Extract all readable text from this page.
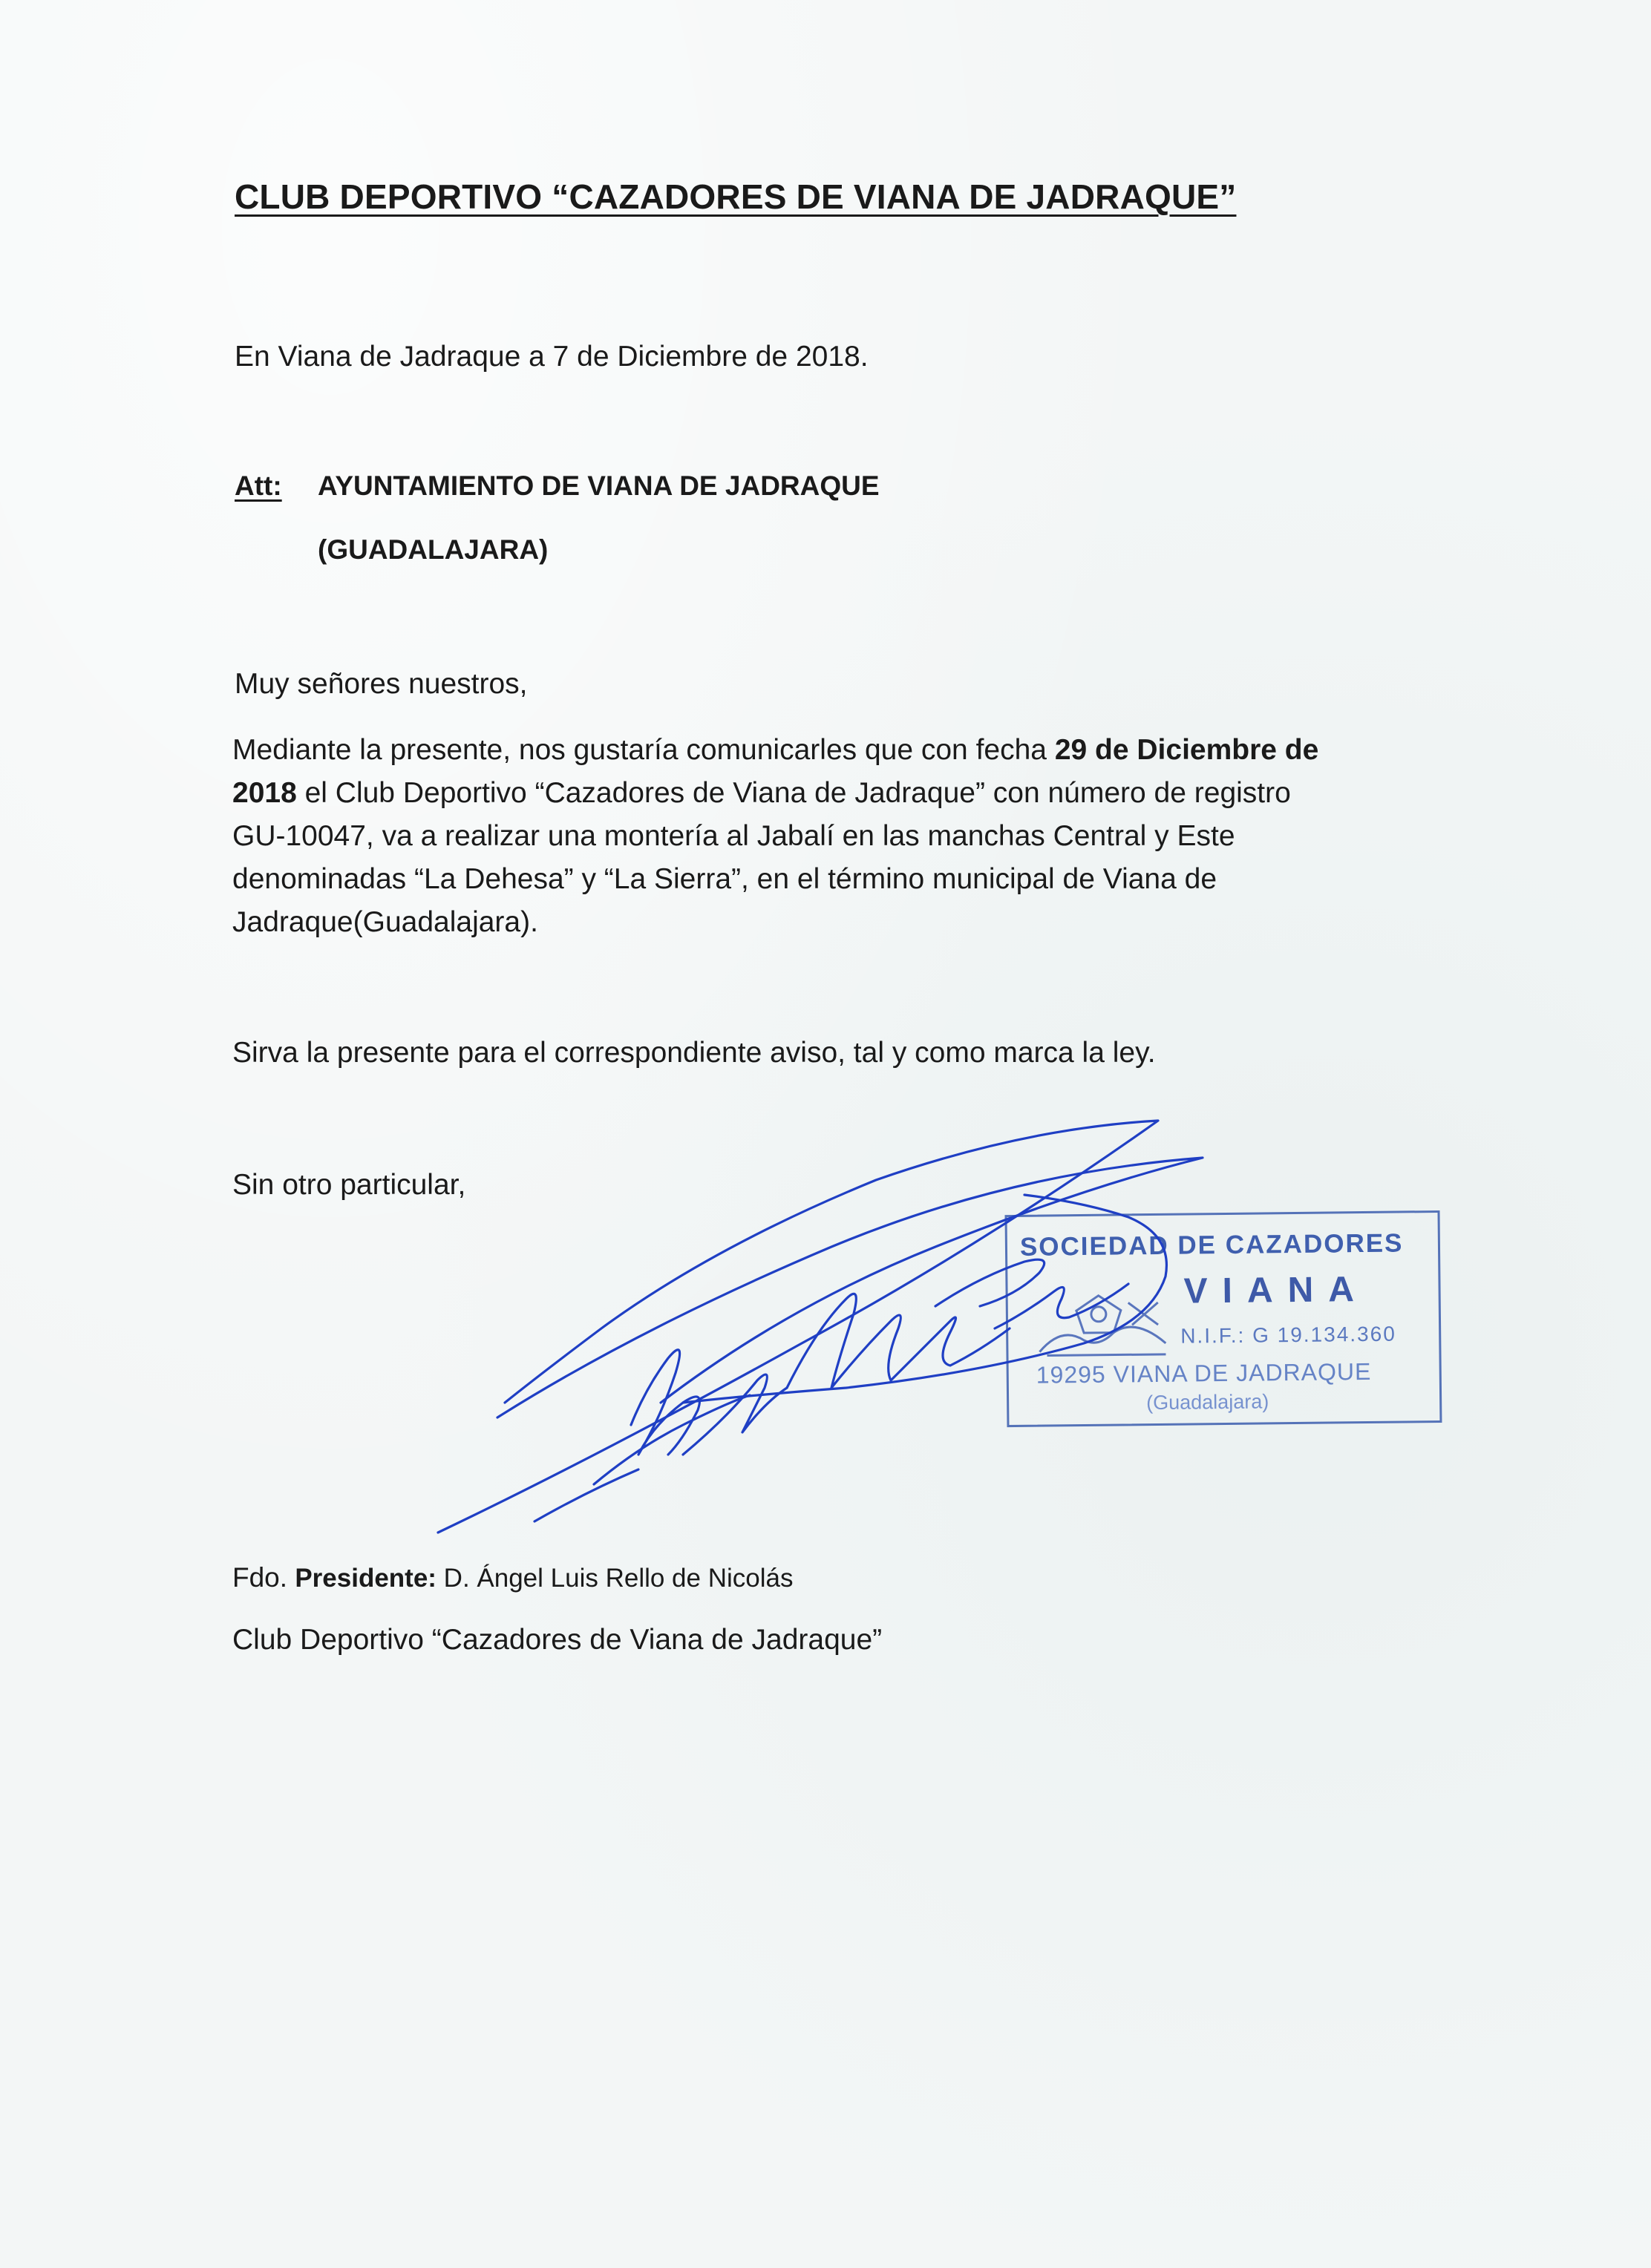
CLUB DEPORTIVO “CAZADORES DE VIANA DE JADRAQUE”
En Viana de Jadraque a 7 de Diciembre de 2018.
Att: AYUNTAMIENTO DE VIANA DE JADRAQUE
(GUADALAJARA)
Muy señores nuestros,
Mediante la presente, nos gustaría comunicarles que con fecha 29 de Diciembre de
2018 el Club Deportivo “Cazadores de Viana de Jadraque” con número de registro
GU-10047, va a realizar una montería al Jabalí en las manchas Central y Este
denominadas “La Dehesa” y “La Sierra”, en el término municipal de Viana de
Jadraque(Guadalajara).
Sirva la presente para el correspondiente aviso, tal y como marca la ley.
Sin otro particular,
SOCIEDAD DE CAZADORES
VIANA
N.I.F.: G 19.134.360
19295 VIANA DE JADRAQUE
(Guadalajara)
Fdo. Presidente: D. Ángel Luis Rello de Nicolás
Club Deportivo “Cazadores de Viana de Jadraque”
